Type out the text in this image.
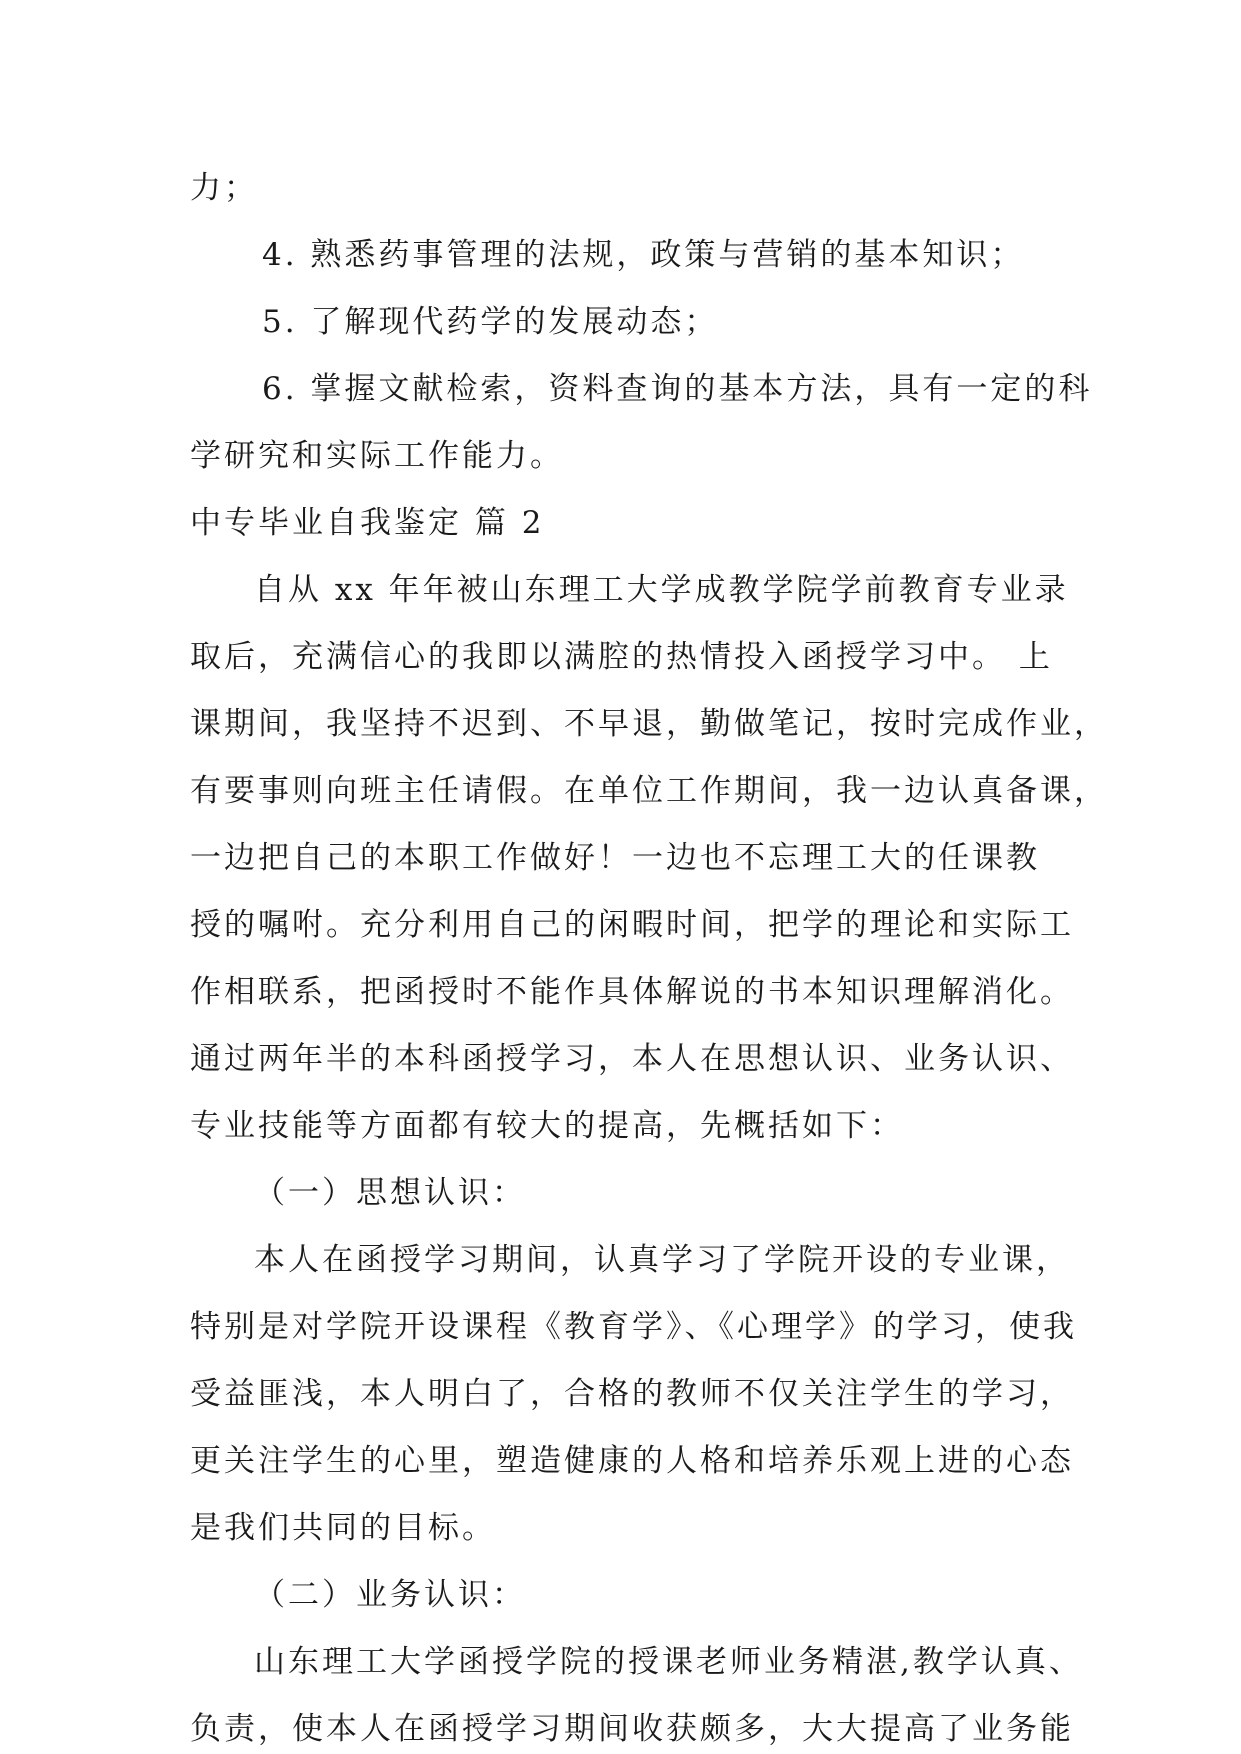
力；
4. 熟悉药事管理的法规，政策与营销的基本知识；
5. 了解现代药学的发展动态；
6. 掌握文献检索，资料查询的基本方法，具有一定的科
学研究和实际工作能力。
中专毕业自我鉴定 篇 2
自从 xx 年年被山东理工大学成教学院学前教育专业录
取后，充满信心的我即以满腔的热情投入函授学习中。 上
课期间，我坚持不迟到、不早退，勤做笔记，按时完成作业，
有要事则向班主任请假。在单位工作期间，我一边认真备课，
一边把自己的本职工作做好！一边也不忘理工大的任课教
授的嘱咐。充分利用自己的闲暇时间，把学的理论和实际工
作相联系，把函授时不能作具体解说的书本知识理解消化。
通过两年半的本科函授学习，本人在思想认识、业务认识、
专业技能等方面都有较大的提高，先概括如下：
（一）思想认识：
本人在函授学习期间，认真学习了学院开设的专业课，
特别是对学院开设课程《教育学》、《心理学》的学习，使我
受益匪浅，本人明白了，合格的教师不仅关注学生的学习，
更关注学生的心里，塑造健康的人格和培养乐观上进的心态
是我们共同的目标。
（二）业务认识：
山东理工大学函授学院的授课老师业务精湛,教学认真、
负责，使本人在函授学习期间收获颇多，大大提高了业务能
